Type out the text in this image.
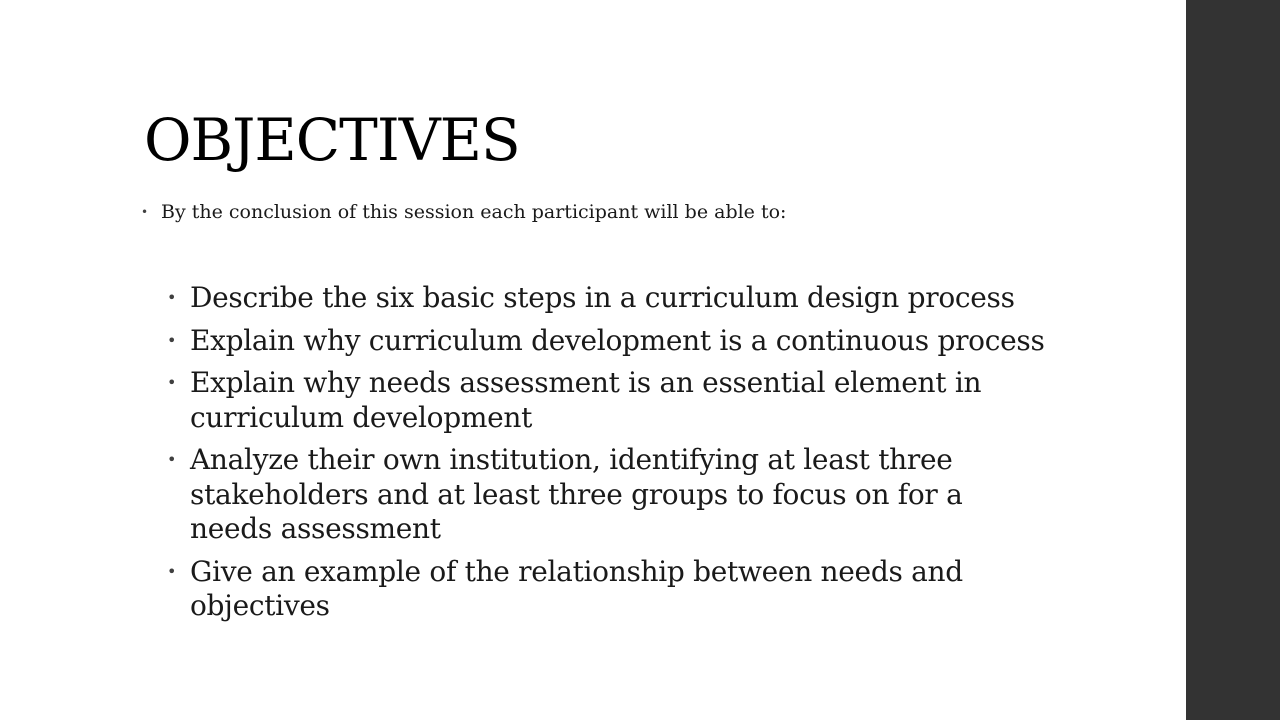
OBJECTIVES
• By the conclusion of this session each participant will be able to:
• Describe the six basic steps in a curriculum design process
• Explain why curriculum development is a continuous process
• Explain why needs assessment is an essential element in curriculum development
• Analyze their own institution, identifying at least three stakeholders and at least three groups to focus on for a needs assessment
• Give an example of the relationship between needs and objectives
